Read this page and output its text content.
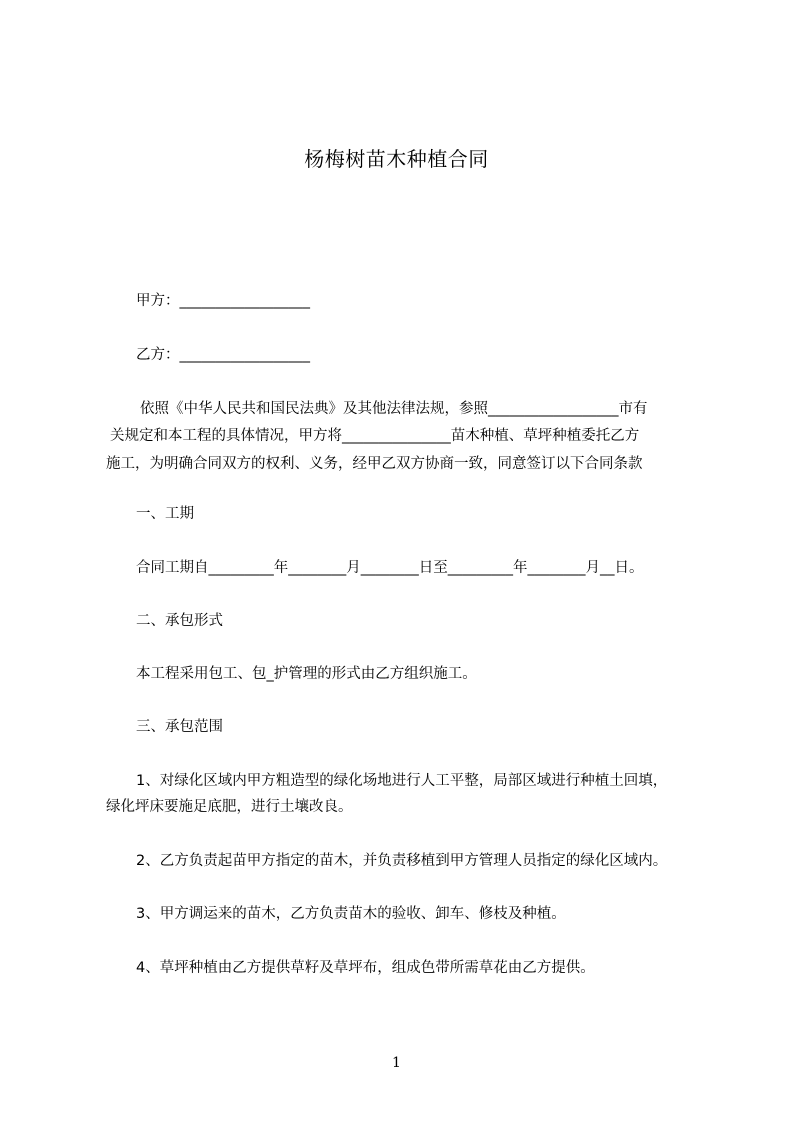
杨梅树苗木种植合同
甲方：__________________
乙方：__________________
依照《中华人民共和国民法典》及其他法律法规，参照__________________市有
关规定和本工程的具体情况，甲方将_______________苗木种植、草坪种植委托乙方
施工，为明确合同双方的权利、义务，经甲乙双方协商一致，同意签订以下合同条款
一、工期
合同工期自_________年________月________日至_________年________月__日。
二、承包形式
本工程采用包工、包_护管理的形式由乙方组织施工。
三、承包范围
1、对绿化区域内甲方粗造型的绿化场地进行人工平整，局部区域进行种植土回填，
绿化坪床要施足底肥，进行土壤改良。
2、乙方负责起苗甲方指定的苗木，并负责移植到甲方管理人员指定的绿化区域内。
3、甲方调运来的苗木，乙方负责苗木的验收、卸车、修枝及种植。
4、草坪种植由乙方提供草籽及草坪布，组成色带所需草花由乙方提供。
1
